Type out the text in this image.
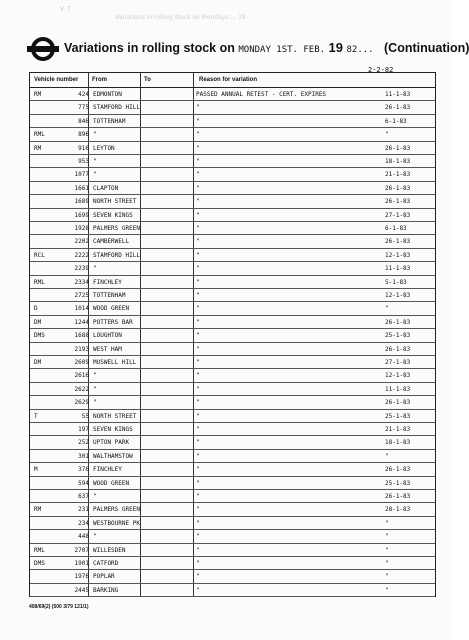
V T
Variations in rolling stock on Mondays ... 19
Variations in rolling stock on MONDAY 1ST. FEB. 19 82... (Continuation)
2-2-82
Vehicle number From	To	Reason for variation
RM	424 EDMONTON	PASSED ANNUAL RETEST - CERT. EXPIRES	11-1-83
775 STAMFORD HILL	"	26-1-83
846 TOTTENHAM	"	6-1-83
RML	896 "	"	"
RM	916 LEYTON	"	26-1-83
953 "	"	18-1-83
1077 "	"	21-1-83
1661 CLAPTON	"	26-1-83
1689 NORTH STREET	"	26-1-83
1699 SEVEN KINGS	"	27-1-83
1928 PALMERS GREEN	"	6-1-83
2202 CAMBERWELL	"	26-1-83
RCL	2222 STAMFORD HILL	"	12-1-83
2239 "	"	11-1-83
RML	2334 FINCHLEY	"	5-1-83
2725 TOTTENHAM	"	12-1-83
D	1014 WOOD GREEN	"	"
DM	1244 POTTERS BAR	"	26-1-83
DMS	1688 LOUGHTON	"	25-1-83
2193 WEST HAM	"	26-1-83
DM	2609 MUSWELL HILL	"	27-1-83
2616 "	"	12-1-83
2622 "	"	11-1-83
2629 "	"	26-1-83
T	55 NORTH STREET	"	25-1-83
197 SEVEN KINGS	"	21-1-83
252 UPTON PARK	"	18-1-83
301 WALTHAMSTOW	"	"
M	376 FINCHLEY	"	26-1-83
594 WOOD GREEN	"	25-1-83
637 "	"	26-1-83
RM	231 PALMERS GREEN	"	28-1-83
234 WESTBOURNE PK	"	"
448 "	"	"
RML	2707 WILLESDEN	"	"
DMS	1901 CATFORD	"	"
1976 POPLAR	"	"
2445 BARKING	"	"
408/69(2) (500 3/79 121/1)
